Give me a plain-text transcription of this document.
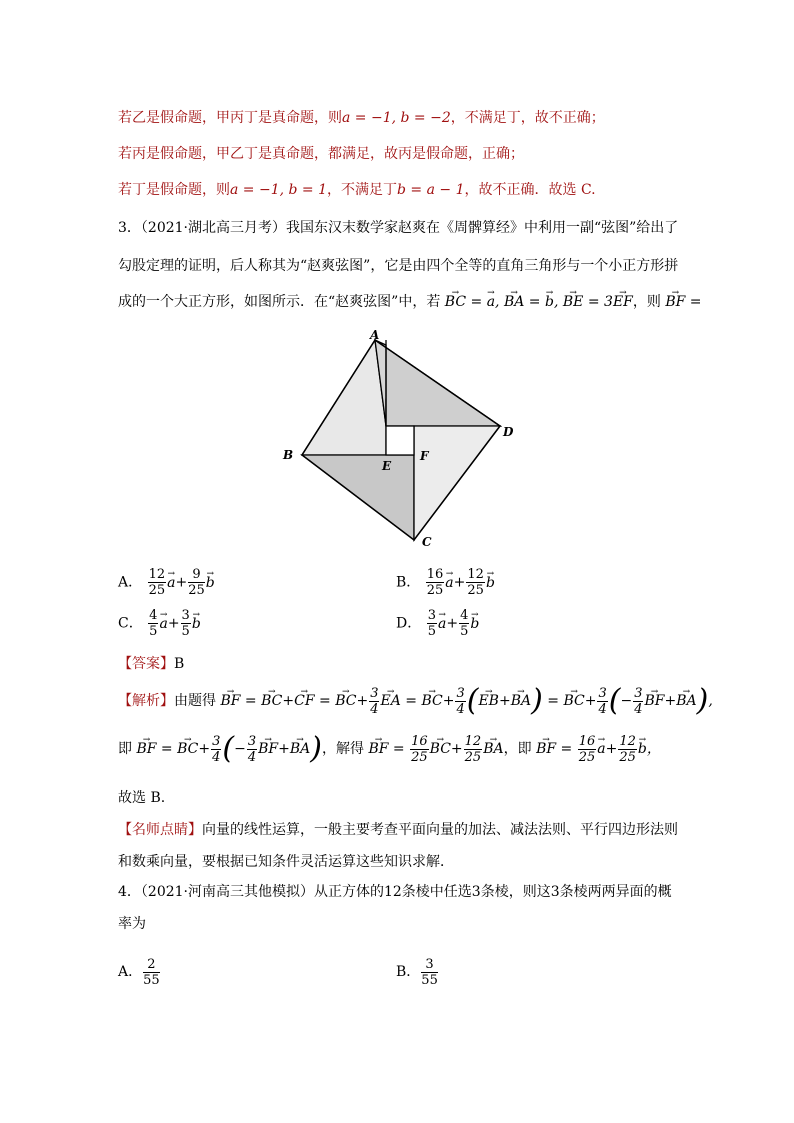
若乙是假命题，甲丙丁是真命题，则a = −1, b = −2，不满足丁，故不正确；
若丙是假命题，甲乙丁是真命题，都满足，故丙是假命题，正确；
若丁是假命题，则a = −1, b = 1，不满足丁b = a − 1，故不正确．故选 C.
3．（2021·湖北高三月考）我国东汉末数学家赵爽在《周髀算经》中利用一副“弦图”给出了
勾股定理的证明，后人称其为“赵爽弦图”，它是由四个全等的直角三角形与一个小正方形拼
成的一个大正方形，如图所示．在“赵爽弦图”中，若 → BC = → a, → BA = → b, → BE = 3→ EF，则 → BF =
A
B
C
D
E
F
A． $\frac{12}{25}$
→ $a+ \frac{9}{25}$
→ b	B． $\frac{16}{25}$
→ $a+ \frac{12}{25}$
→ b
C． $\frac{4}{5}$
→ $a+ \frac{3}{5}$
→ b	D． $\frac{3}{5}$
→ $a+ \frac{4}{5}$
→ b
【答案】B
【解析】由题得 → BF = → BC+→ CF = → $BC+ \frac{3}{4}$
→ EA = → $BC+ \frac{3}{4}$ (→ EB+→ BA) = → $BC+ \frac{3}{4}$ (− $\frac{3}{4}$
→ BF+→ BA),
即 → BF = → $BC+ \frac{3}{4}$ (− $\frac{3}{4}$
→ BF+→ BA)，解得 → BF = $\frac{16}{25}$
→ $BC+ \frac{12}{25}$
→ BA，即 → BF = $\frac{16}{25}$
→ $a+ \frac{12}{25}$
→ b，
故选 B.
【名师点睛】向量的线性运算，一般主要考查平面向量的加法、减法法则、平行四边形法则
和数乘向量，要根据已知条件灵活运算这些知识求解．
4．（2021·河南高三其他模拟）从正方体的12条棱中任选3条棱，则这3条棱两两异面的概
率为
A． $\frac{2}{55}$	B． $\frac{3}{55}$
